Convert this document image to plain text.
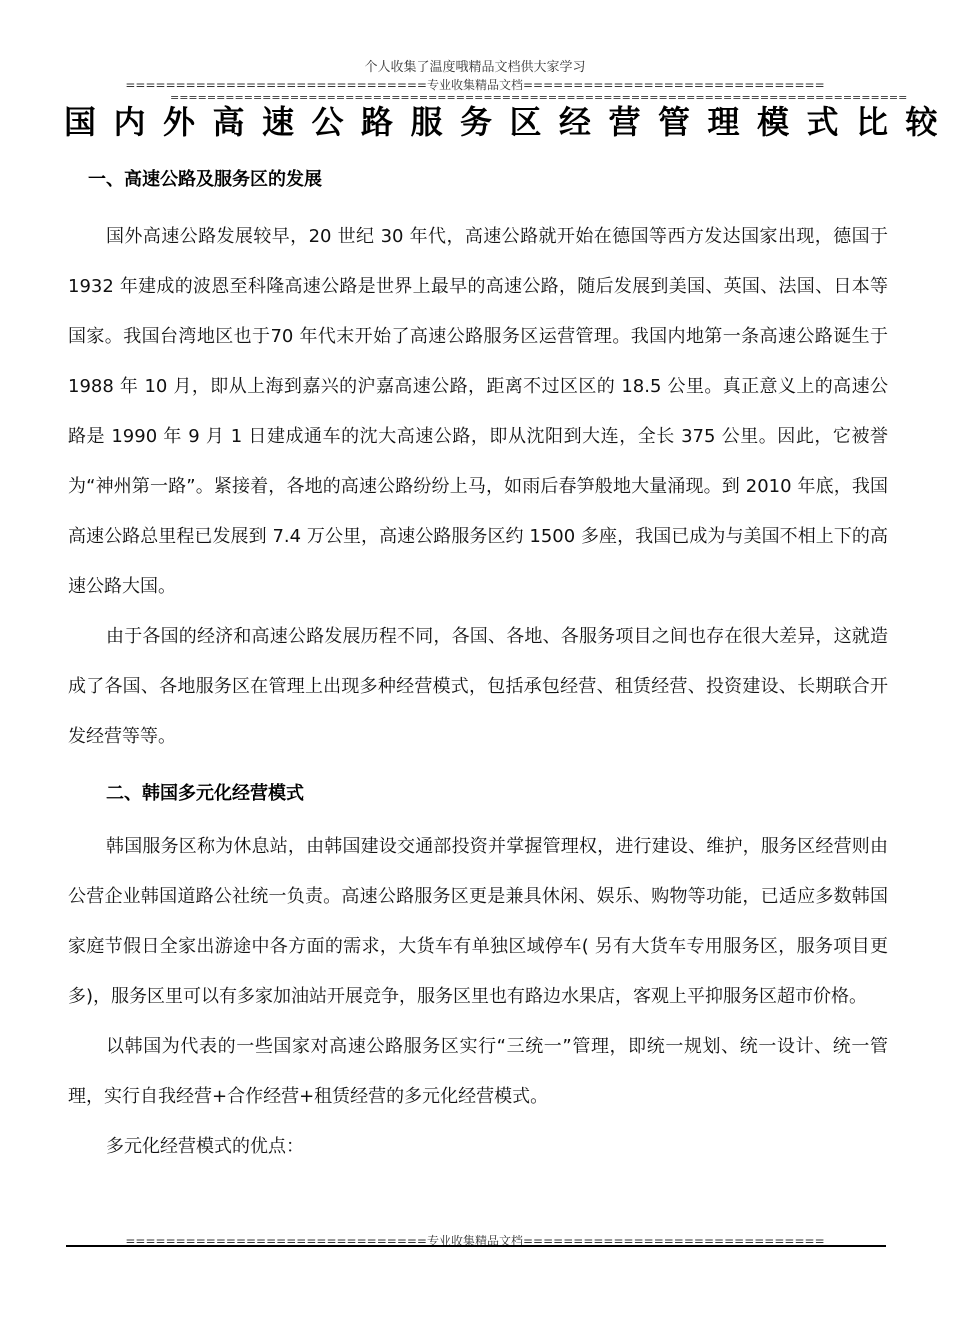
个人收集了温度哦精品文档供大家学习
==============================专业收集精品文档==============================
================================================================================
国内外高速公路服务区经营管理模式比较
一、高速公路及服务区的发展

国外高速公路发展较早，20 世纪 30 年代，高速公路就开始在德国等西方发达国家出现，德国于 1932 年建成的波恩至科隆高速公路是世界上最早的高速公路，随后发展到美国、英国、法国、日本等国家。我国台湾地区也于70 年代末开始了高速公路服务区运营管理。我国内地第一条高速公路诞生于 1988 年 10 月，即从上海到嘉兴的沪嘉高速公路，距离不过区区的 18.5 公里。真正意义上的高速公路是 1990 年 9 月 1 日建成通车的沈大高速公路，即从沈阳到大连，全长 375 公里。因此，它被誉为“神州第一路”。紧接着，各地的高速公路纷纷上马，如雨后春笋般地大量涌现。到 2010 年底，我国高速公路总里程已发展到 7.4 万公里，高速公路服务区约 1500 多座，我国已成为与美国不相上下的高速公路大国。

由于各国的经济和高速公路发展历程不同，各国、各地、各服务项目之间也存在很大差异，这就造成了各国、各地服务区在管理上出现多种经营模式，包括承包经营、租赁经营、投资建设、长期联合开发经营等等。

二、韩国多元化经营模式

韩国服务区称为休息站，由韩国建设交通部投资并掌握管理权，进行建设、维护，服务区经营则由公营企业韩国道路公社统一负责。高速公路服务区更是兼具休闲、娱乐、购物等功能，已适应多数韩国家庭节假日全家出游途中各方面的需求，大货车有单独区域停车( 另有大货车专用服务区，服务项目更多)，服务区里可以有多家加油站开展竞争，服务区里也有路边水果店，客观上平抑服务区超市价格。

以韩国为代表的一些国家对高速公路服务区实行“三统一”管理，即统一规划、统一设计、统一管理，实行自我经营+合作经营+租赁经营的多元化经营模式。

多元化经营模式的优点：

==============================专业收集精品文档==============================
